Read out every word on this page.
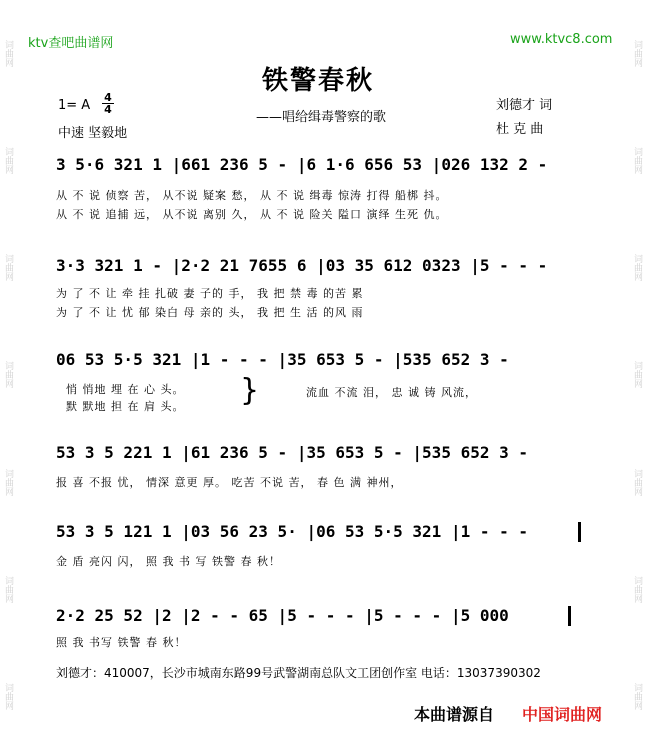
词曲网
词曲网
词曲网
词曲网
词曲网
词曲网
词曲网
词曲网
词曲网
词曲网
词曲网
词曲网
词曲网
词曲网
ktv查吧曲谱网	www.ktvc8.com
铁警春秋
1= A
4
4
中速 坚毅地
——唱给缉毒警察的歌
刘德才 词
杜 克 曲
3 5·6 321 1 |661 236 5 - |6 1·6 656 53 |026 132 2 -
从 不 说 侦察 苦， 从不说 疑案 愁， 从 不 说 缉毒 惊涛 打得 船梆 抖。
从 不 说 追捕 远， 从不说 离别 久， 从 不 说 险关 隘口 演绎 生死 仇。
3·3 321 1 - |2·2 21 7655 6 |03 35 612 0323 |5 - - -
为 了 不 让 牵 挂 扎破 妻 子的 手， 我 把 禁 毒 的苦 累
为 了 不 让 忧 郁 染白 母 亲的 头， 我 把 生 活 的风 雨
06 53 5·5 321 |1 - - - |35 653 5 - |535 652 3 -
悄 悄地 埋 在 心 头。
默 默地 担 在 肩 头。 }	流血 不流 泪， 忠 诚 铸 风流，
53 3 5 221 1 |61 236 5 - |35 653 5 - |535 652 3 -
报 喜 不报 忧， 情深 意更 厚。 吃苦 不说 苦， 春 色 满 神州，
53 3 5 121 1 |03 56 23 5· |06 53 5·5 321 |1 - - -
金 盾 亮闪 闪， 照 我 书 写 铁警 春 秋！
2·2 25 52 |2 |2 - - 65 |5 - - - |5 - - - |5 000
照 我 书写 铁警 春 秋！
刘德才：410007，长沙市城南东路99号武警湖南总队文工团创作室 电话：13037390302
本曲谱源自 中国词曲网
